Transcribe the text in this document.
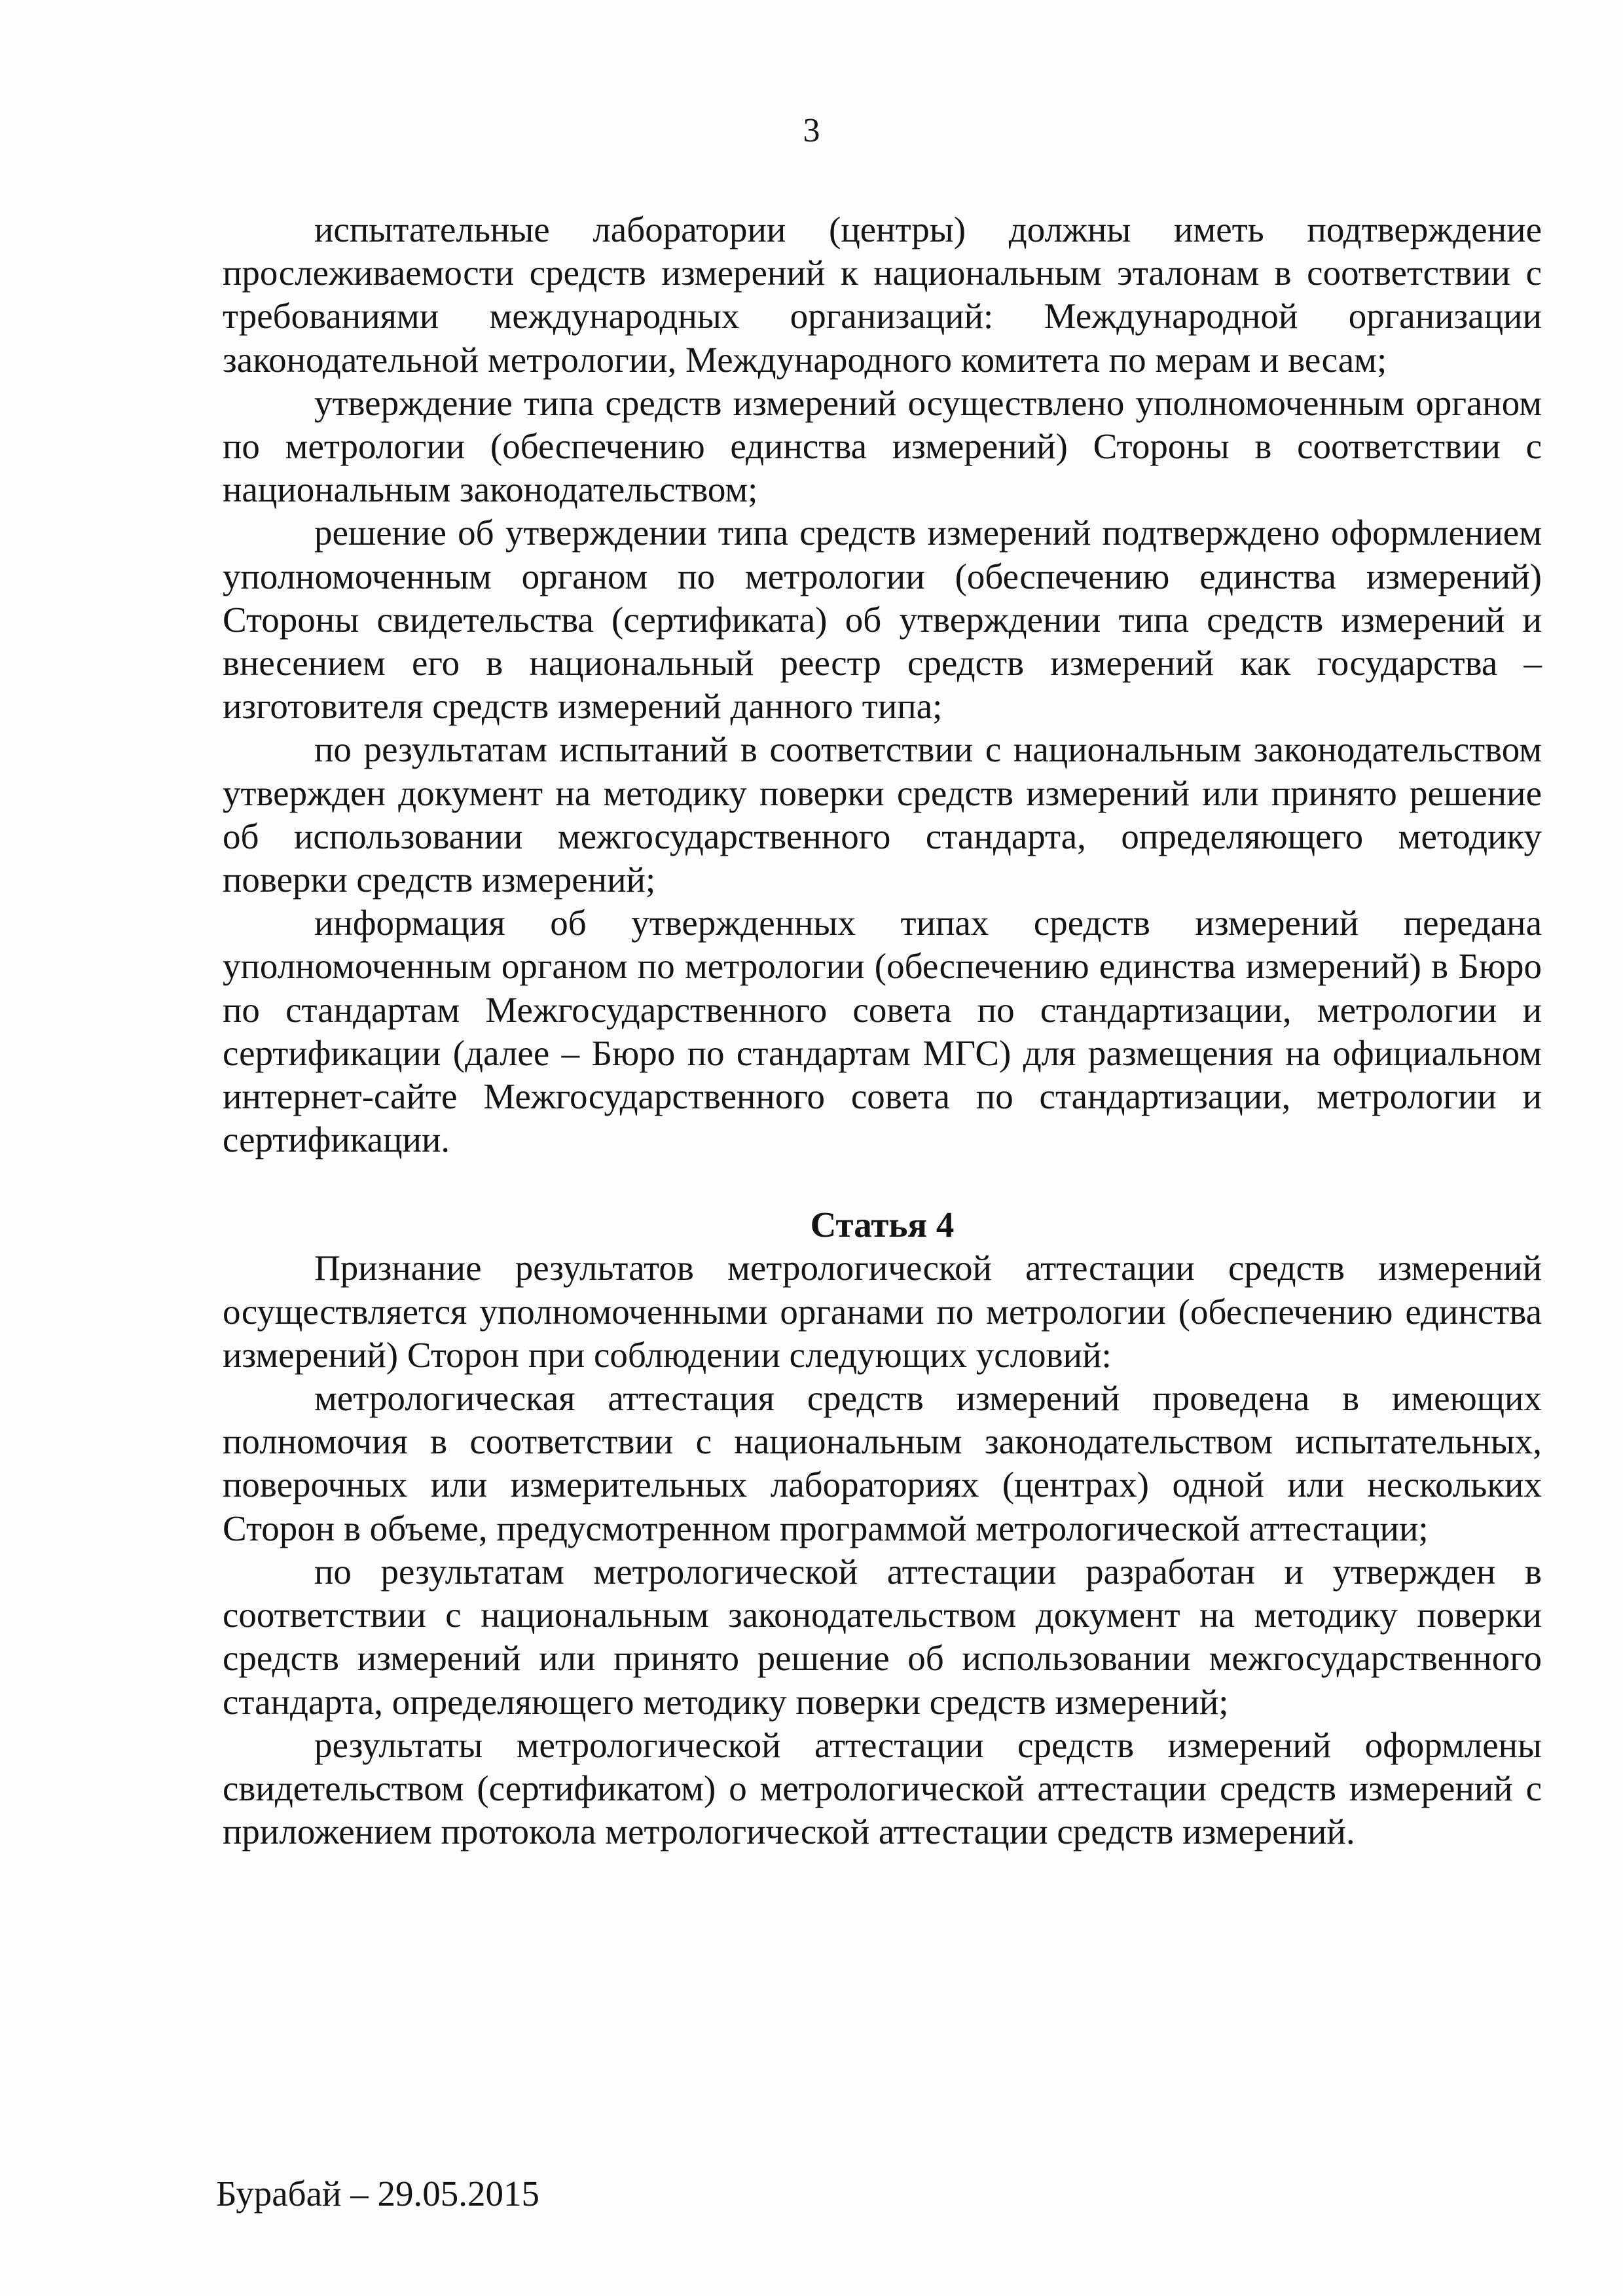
3

испытательные лаборатории (центры) должны иметь подтверждение прослеживаемости средств измерений к национальным эталонам в соответствии с требованиями международных организаций: Международной организации законодательной метрологии, Международного комитета по мерам и весам;

утверждение типа средств измерений осуществлено уполномоченным органом по метрологии (обеспечению единства измерений) Стороны в соответствии с национальным законодательством;

решение об утверждении типа средств измерений подтверждено оформлением уполномоченным органом по метрологии (обеспечению единства измерений) Стороны свидетельства (сертификата) об утверждении типа средств измерений и внесением его в национальный реестр средств измерений как государства – изготовителя средств измерений данного типа;

по результатам испытаний в соответствии с национальным законодательством утвержден документ на методику поверки средств измерений или принято решение об использовании межгосударственного стандарта, определяющего методику поверки средств измерений;

информация об утвержденных типах средств измерений передана уполномоченным органом по метрологии (обеспечению единства измерений) в Бюро по стандартам Межгосударственного совета по стандартизации, метрологии и сертификации (далее – Бюро по стандартам МГС) для размещения на официальном интернет-сайте Межгосударственного совета по стандартизации, метрологии и сертификации.

Статья 4

Признание результатов метрологической аттестации средств измерений осуществляется уполномоченными органами по метрологии (обеспечению единства измерений) Сторон при соблюдении следующих условий:

метрологическая аттестация средств измерений проведена в имеющих полномочия в соответствии с национальным законодательством испытательных, поверочных или измерительных лабораториях (центрах) одной или нескольких Сторон в объеме, предусмотренном программой метрологической аттестации;

по результатам метрологической аттестации разработан и утвержден в соответствии с национальным законодательством документ на методику поверки средств измерений или принято решение об использовании межгосударственного стандарта, определяющего методику поверки средств измерений;

результаты метрологической аттестации средств измерений оформлены свидетельством (сертификатом) о метрологической аттестации средств измерений с приложением протокола метрологической аттестации средств измерений.

Бурабай – 29.05.2015
